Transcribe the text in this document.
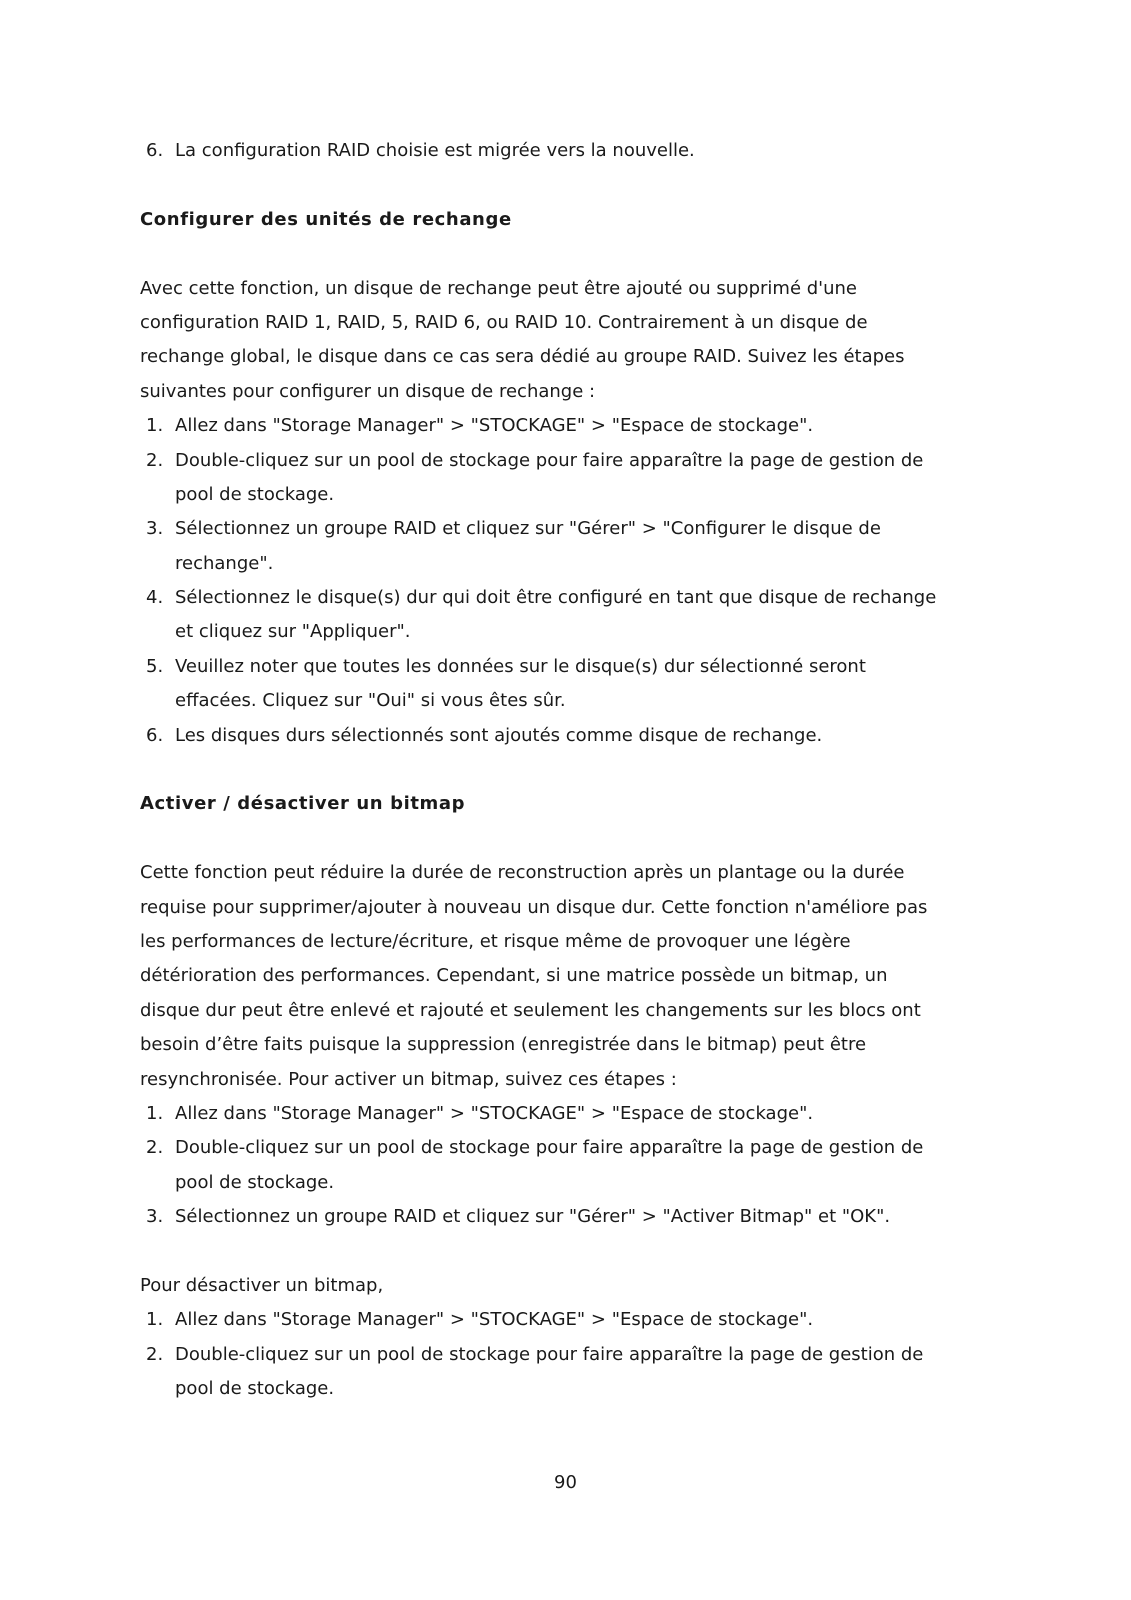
6. La configuration RAID choisie est migrée vers la nouvelle.
Configurer des unités de rechange
Avec cette fonction, un disque de rechange peut être ajouté ou supprimé d'une
configuration RAID 1, RAID, 5, RAID 6, ou RAID 10. Contrairement à un disque de
rechange global, le disque dans ce cas sera dédié au groupe RAID. Suivez les étapes
suivantes pour configurer un disque de rechange :
1. Allez dans "Storage Manager" > "STOCKAGE" > "Espace de stockage".
2. Double-cliquez sur un pool de stockage pour faire apparaître la page de gestion de
pool de stockage.
3. Sélectionnez un groupe RAID et cliquez sur "Gérer" > "Configurer le disque de
rechange".
4. Sélectionnez le disque(s) dur qui doit être configuré en tant que disque de rechange
et cliquez sur "Appliquer".
5. Veuillez noter que toutes les données sur le disque(s) dur sélectionné seront
effacées. Cliquez sur "Oui" si vous êtes sûr.
6. Les disques durs sélectionnés sont ajoutés comme disque de rechange.
Activer / désactiver un bitmap
Cette fonction peut réduire la durée de reconstruction après un plantage ou la durée
requise pour supprimer/ajouter à nouveau un disque dur. Cette fonction n'améliore pas
les performances de lecture/écriture, et risque même de provoquer une légère
détérioration des performances. Cependant, si une matrice possède un bitmap, un
disque dur peut être enlevé et rajouté et seulement les changements sur les blocs ont
besoin d’être faits puisque la suppression (enregistrée dans le bitmap) peut être
resynchronisée. Pour activer un bitmap, suivez ces étapes :
1. Allez dans "Storage Manager" > "STOCKAGE" > "Espace de stockage".
2. Double-cliquez sur un pool de stockage pour faire apparaître la page de gestion de
pool de stockage.
3. Sélectionnez un groupe RAID et cliquez sur "Gérer" > "Activer Bitmap" et "OK".
Pour désactiver un bitmap,
1. Allez dans "Storage Manager" > "STOCKAGE" > "Espace de stockage".
2. Double-cliquez sur un pool de stockage pour faire apparaître la page de gestion de
pool de stockage.
90
